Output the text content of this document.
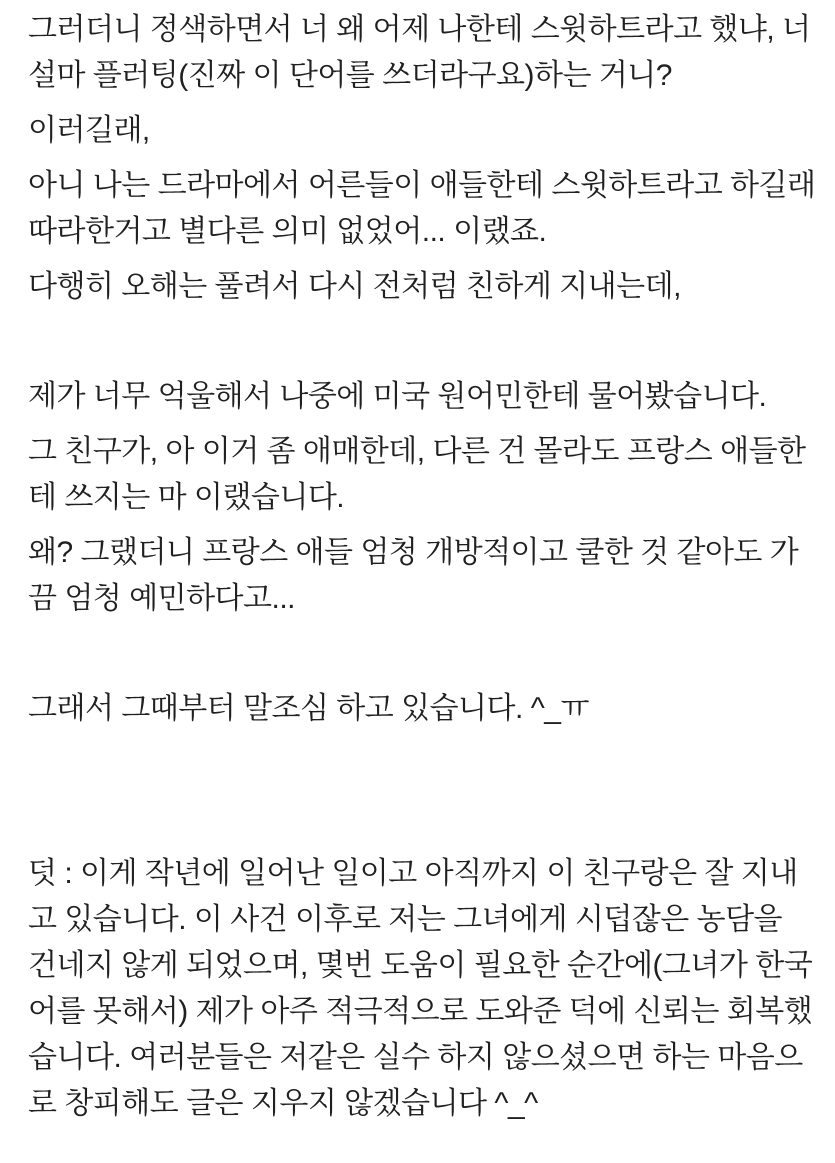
그러더니 정색하면서 너 왜 어제 나한테 스윗하트라고 했냐, 너
설마 플러팅(진짜 이 단어를 쓰더라구요)하는 거니?

이러길래,

아니 나는 드라마에서 어른들이 애들한테 스윗하트라고 하길래
따라한거고 별다른 의미 없었어... 이랬죠.

다행히 오해는 풀려서 다시 전처럼 친하게 지내는데,

제가 너무 억울해서 나중에 미국 원어민한테 물어봤습니다.

그 친구가, 아 이거 좀 애매한데, 다른 건 몰라도 프랑스 애들한
테 쓰지는 마 이랬습니다.

왜? 그랬더니 프랑스 애들 엄청 개방적이고 쿨한 것 같아도 가
끔 엄청 예민하다고...

그래서 그때부터 말조심 하고 있습니다. ^_ㅠ

덧 : 이게 작년에 일어난 일이고 아직까지 이 친구랑은 잘 지내
고 있습니다. 이 사건 이후로 저는 그녀에게 시덥잖은 농담을
건네지 않게 되었으며, 몇번 도움이 필요한 순간에(그녀가 한국
어를 못해서) 제가 아주 적극적으로 도와준 덕에 신뢰는 회복했
습니다. 여러분들은 저같은 실수 하지 않으셨으면 하는 마음으
로 창피해도 글은 지우지 않겠습니다 ^_^
